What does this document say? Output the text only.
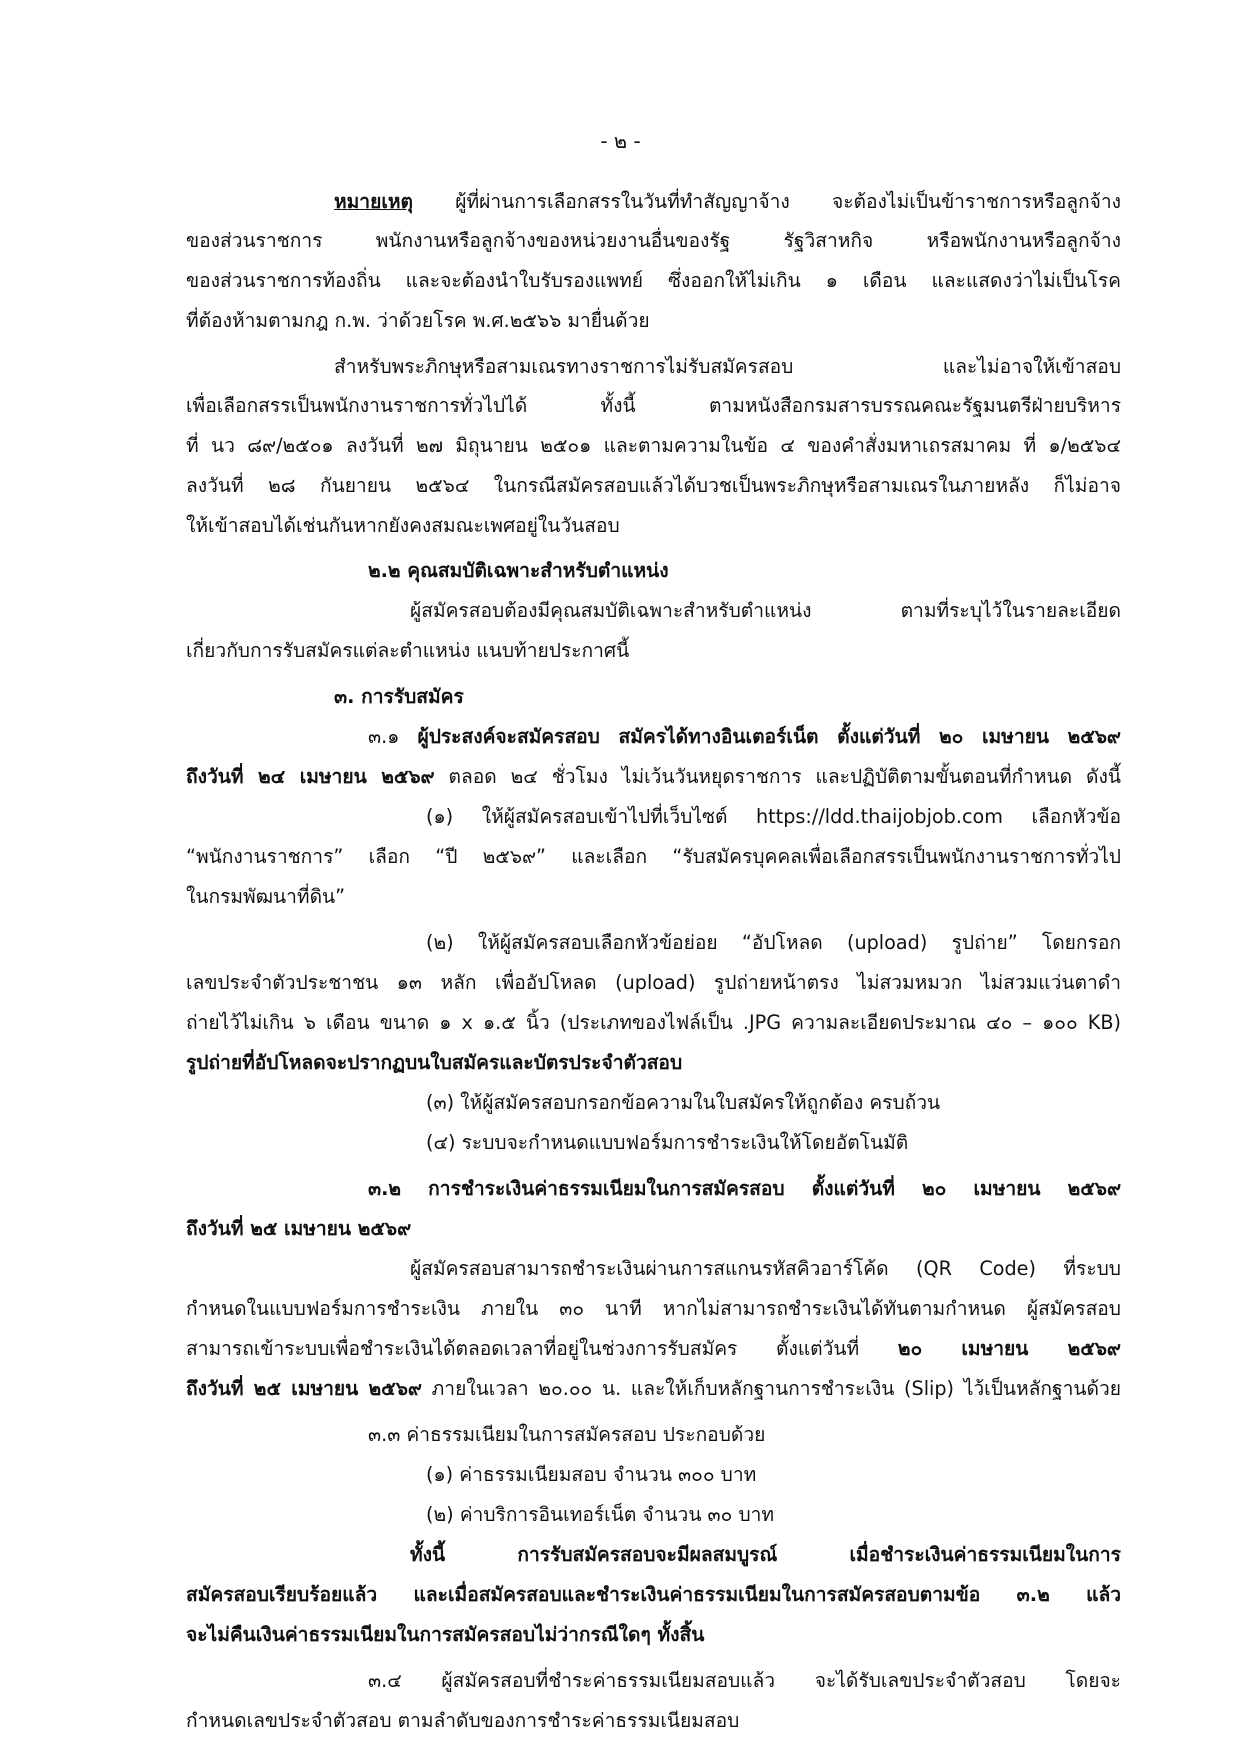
- ๒ -

หมายเหตุ ผู้ที่ผ่านการเลือกสรรในวันที่ทำสัญญาจ้าง จะต้องไม่เป็นข้าราชการหรือลูกจ้าง

ของส่วนราชการ พนักงานหรือลูกจ้างของหน่วยงานอื่นของรัฐ รัฐวิสาหกิจ หรือพนักงานหรือลูกจ้าง

ของส่วนราชการท้องถิ่น และจะต้องนำใบรับรองแพทย์ ซึ่งออกให้ไม่เกิน ๑ เดือน และแสดงว่าไม่เป็นโรค

ที่ต้องห้ามตามกฎ ก.พ. ว่าด้วยโรค พ.ศ.๒๕๖๖ มายื่นด้วย

สำหรับพระภิกษุหรือสามเณรทางราชการไม่รับสมัครสอบ และไม่อาจให้เข้าสอบ

เพื่อเลือกสรรเป็นพนักงานราชการทั่วไปได้ ทั้งนี้ ตามหนังสือกรมสารบรรณคณะรัฐมนตรีฝ่ายบริหาร

ที่ นว ๘๙/๒๕๐๑ ลงวันที่ ๒๗ มิถุนายน ๒๕๐๑ และตามความในข้อ ๔ ของคำสั่งมหาเถรสมาคม ที่ ๑/๒๕๖๔

ลงวันที่ ๒๘ กันยายน ๒๕๖๔ ในกรณีสมัครสอบแล้วได้บวชเป็นพระภิกษุหรือสามเณรในภายหลัง ก็ไม่อาจ

ให้เข้าสอบได้เช่นกันหากยังคงสมณะเพศอยู่ในวันสอบ

๒.๒ คุณสมบัติเฉพาะสำหรับตำแหน่ง

ผู้สมัครสอบต้องมีคุณสมบัติเฉพาะสำหรับตำแหน่ง ตามที่ระบุไว้ในรายละเอียด

เกี่ยวกับการรับสมัครแต่ละตำแหน่ง แนบท้ายประกาศนี้

๓. การรับสมัคร

๓.๑ ผู้ประสงค์จะสมัครสอบ สมัครได้ทางอินเตอร์เน็ต ตั้งแต่วันที่ ๒๐ เมษายน ๒๕๖๙

ถึงวันที่ ๒๔ เมษายน ๒๕๖๙ ตลอด ๒๔ ชั่วโมง ไม่เว้นวันหยุดราชการ และปฏิบัติตามขั้นตอนที่กำหนด ดังนี้

(๑) ให้ผู้สมัครสอบเข้าไปที่เว็บไซต์ https://ldd.thaijobjob.com เลือกหัวข้อ

“พนักงานราชการ” เลือก “ปี ๒๕๖๙” และเลือก “รับสมัครบุคคลเพื่อเลือกสรรเป็นพนักงานราชการทั่วไป

ในกรมพัฒนาที่ดิน”

(๒) ให้ผู้สมัครสอบเลือกหัวข้อย่อย “อัปโหลด (upload) รูปถ่าย” โดยกรอก

เลขประจำตัวประชาชน ๑๓ หลัก เพื่ออัปโหลด (upload) รูปถ่ายหน้าตรง ไม่สวมหมวก ไม่สวมแว่นตาดำ

ถ่ายไว้ไม่เกิน ๖ เดือน ขนาด ๑ x ๑.๕ นิ้ว (ประเภทของไฟล์เป็น .JPG ความละเอียดประมาณ ๔๐ – ๑๐๐ KB)

รูปถ่ายที่อัปโหลดจะปรากฏบนใบสมัครและบัตรประจำตัวสอบ

(๓) ให้ผู้สมัครสอบกรอกข้อความในใบสมัครให้ถูกต้อง ครบถ้วน

(๔) ระบบจะกำหนดแบบฟอร์มการชำระเงินให้โดยอัตโนมัติ

๓.๒ การชำระเงินค่าธรรมเนียมในการสมัครสอบ ตั้งแต่วันที่ ๒๐ เมษายน ๒๕๖๙

ถึงวันที่ ๒๕ เมษายน ๒๕๖๙

ผู้สมัครสอบสามารถชำระเงินผ่านการสแกนรหัสคิวอาร์โค้ด (QR Code) ที่ระบบ

กำหนดในแบบฟอร์มการชำระเงิน ภายใน ๓๐ นาที หากไม่สามารถชำระเงินได้ทันตามกำหนด ผู้สมัครสอบ

สามารถเข้าระบบเพื่อชำระเงินได้ตลอดเวลาที่อยู่ในช่วงการรับสมัคร ตั้งแต่วันที่ ๒๐ เมษายน ๒๕๖๙

ถึงวันที่ ๒๕ เมษายน ๒๕๖๙ ภายในเวลา ๒๐.๐๐ น. และให้เก็บหลักฐานการชำระเงิน (Slip) ไว้เป็นหลักฐานด้วย

๓.๓ ค่าธรรมเนียมในการสมัครสอบ ประกอบด้วย

(๑) ค่าธรรมเนียมสอบ จำนวน ๓๐๐ บาท

(๒) ค่าบริการอินเทอร์เน็ต จำนวน ๓๐ บาท

ทั้งนี้ การรับสมัครสอบจะมีผลสมบูรณ์ เมื่อชำระเงินค่าธรรมเนียมในการ

สมัครสอบเรียบร้อยแล้ว และเมื่อสมัครสอบและชำระเงินค่าธรรมเนียมในการสมัครสอบตามข้อ ๓.๒ แล้ว

จะไม่คืนเงินค่าธรรมเนียมในการสมัครสอบไม่ว่ากรณีใดๆ ทั้งสิ้น

๓.๔ ผู้สมัครสอบที่ชำระค่าธรรมเนียมสอบแล้ว จะได้รับเลขประจำตัวสอบ โดยจะ

กำหนดเลขประจำตัวสอบ ตามลำดับของการชำระค่าธรรมเนียมสอบ
